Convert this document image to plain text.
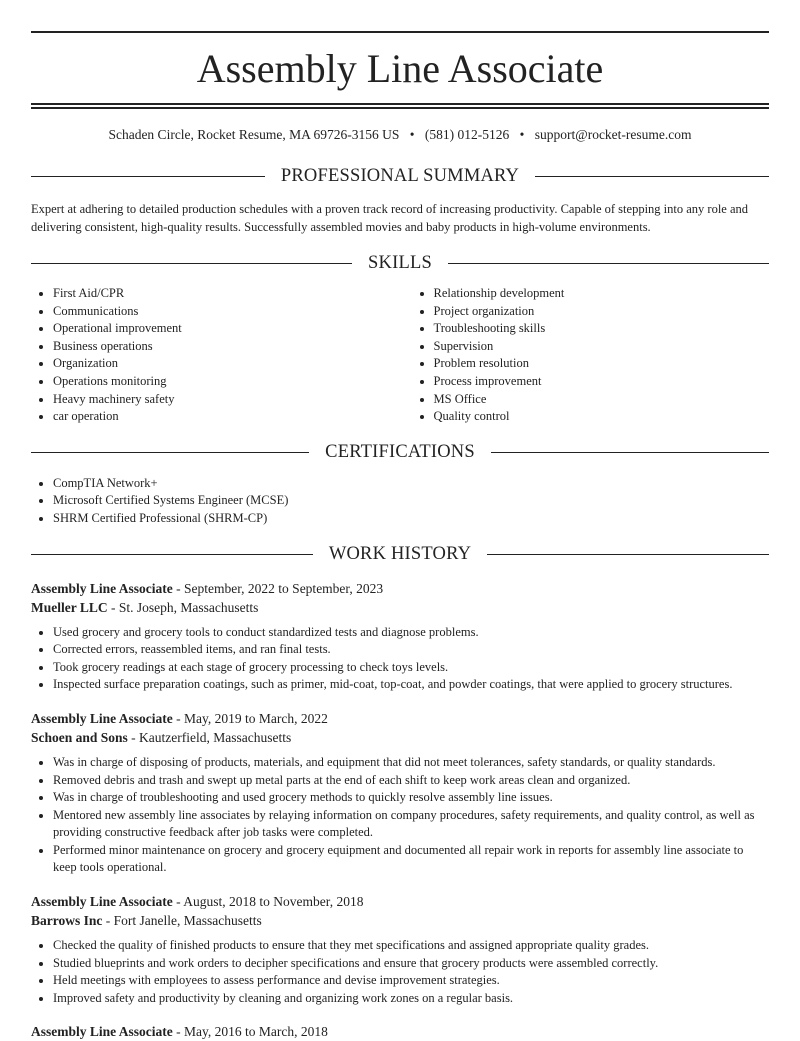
Assembly Line Associate
Schaden Circle, Rocket Resume, MA 69726-3156 US • (581) 012-5126 • support@rocket-resume.com
PROFESSIONAL SUMMARY

Expert at adhering to detailed production schedules with a proven track record of increasing productivity. Capable of stepping into any role and delivering consistent, high-quality results. Successfully assembled movies and baby products in high-volume environments.

SKILLS
• First Aid/CPR
• Communications
• Operational improvement
• Business operations
• Organization
• Operations monitoring
• Heavy machinery safety
• car operation
• Relationship development
• Project organization
• Troubleshooting skills
• Supervision
• Problem resolution
• Process improvement
• MS Office
• Quality control
CERTIFICATIONS
• CompTIA Network+
• Microsoft Certified Systems Engineer (MCSE)
• SHRM Certified Professional (SHRM-CP)
WORK HISTORY
Assembly Line Associate - September, 2022 to September, 2023
Mueller LLC - St. Joseph, Massachusetts
• Used grocery and grocery tools to conduct standardized tests and diagnose problems.
• Corrected errors, reassembled items, and ran final tests.
• Took grocery readings at each stage of grocery processing to check toys levels.
• Inspected surface preparation coatings, such as primer, mid-coat, top-coat, and powder coatings, that were applied to grocery structures.
Assembly Line Associate - May, 2019 to March, 2022
Schoen and Sons - Kautzerfield, Massachusetts
• Was in charge of disposing of products, materials, and equipment that did not meet tolerances, safety standards, or quality standards.
• Removed debris and trash and swept up metal parts at the end of each shift to keep work areas clean and organized.
• Was in charge of troubleshooting and used grocery methods to quickly resolve assembly line issues.
• Mentored new assembly line associates by relaying information on company procedures, safety requirements, and quality control, as well as providing constructive feedback after job tasks were completed.
• Performed minor maintenance on grocery and grocery equipment and documented all repair work in reports for assembly line associate to keep tools operational.
Assembly Line Associate - August, 2018 to November, 2018
Barrows Inc - Fort Janelle, Massachusetts
• Checked the quality of finished products to ensure that they met specifications and assigned appropriate quality grades.
• Studied blueprints and work orders to decipher specifications and ensure that grocery products were assembled correctly.
• Held meetings with employees to assess performance and devise improvement strategies.
• Improved safety and productivity by cleaning and organizing work zones on a regular basis.
Assembly Line Associate - May, 2016 to March, 2018
